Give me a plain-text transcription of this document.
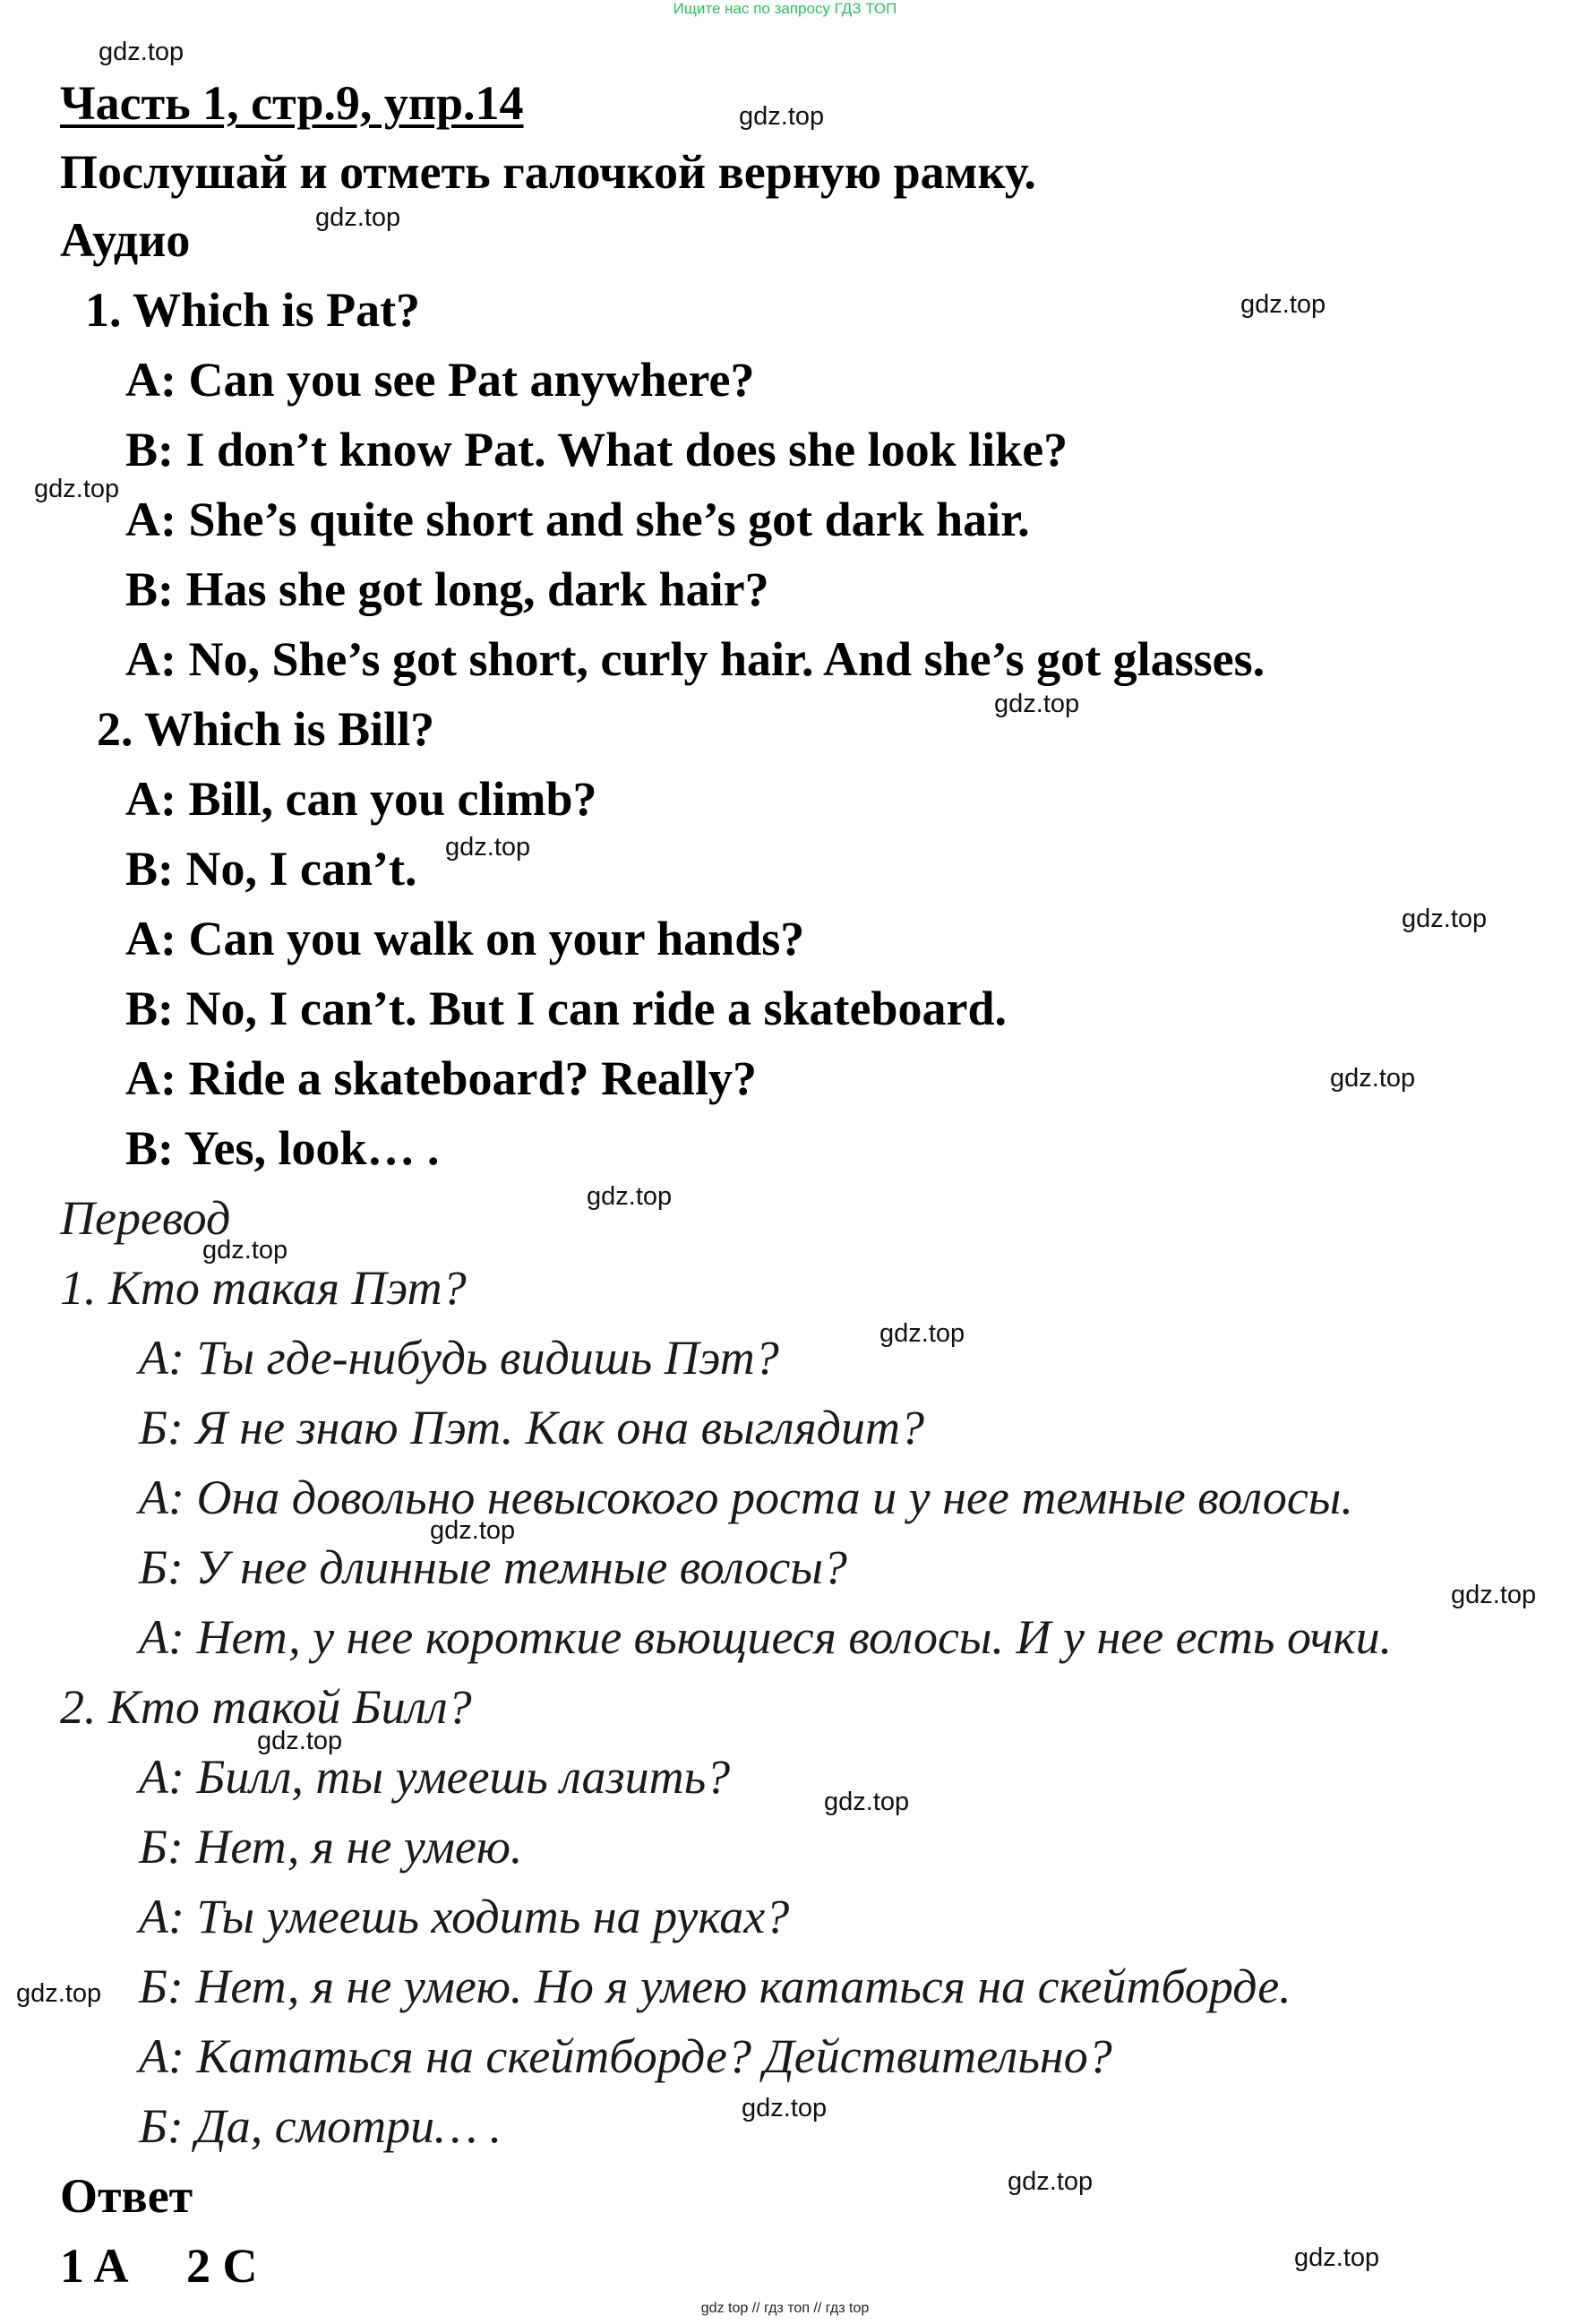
Ищите нас по запросу ГДЗ ТОП
Часть 1, стр.9, упр.14
Послушай и отметь галочкой верную рамку.
Аудио
1. Which is Pat?
A: Can you see Pat anywhere?
B: I don’t know Pat. What does she look like?
A: She’s quite short and she’s got dark hair.
B: Has she got long, dark hair?
A: No, She’s got short, curly hair. And she’s got glasses.
2. Which is Bill?
A: Bill, can you climb?
B: No, I can’t.
A: Can you walk on your hands?
B: No, I can’t. But I can ride a skateboard.
A: Ride a skateboard? Really?
B: Yes, look… .
Перевод
1. Кто такая Пэт?
А: Ты где-нибудь видишь Пэт?
Б: Я не знаю Пэт. Как она выглядит?
А: Она довольно невысокого роста и у нее темные волосы.
Б: У нее длинные темные волосы?
А: Нет, у нее короткие вьющиеся волосы. И у нее есть очки.
2. Кто такой Билл?
А: Билл, ты умеешь лазить?
Б: Нет, я не умею.
А: Ты умеешь ходить на руках?
Б: Нет, я не умею. Но я умею кататься на скейтборде.
А: Кататься на скейтборде? Действительно?
Б: Да, смотри… .
Ответ
1 A     2 C
gdz.top
gdz.top
gdz.top
gdz.top
gdz.top
gdz.top
gdz.top
gdz.top
gdz.top
gdz.top
gdz.top
gdz.top
gdz.top
gdz.top
gdz.top
gdz.top
gdz.top
gdz.top
gdz.top
gdz.top
gdz top // гдз топ // гдз top
